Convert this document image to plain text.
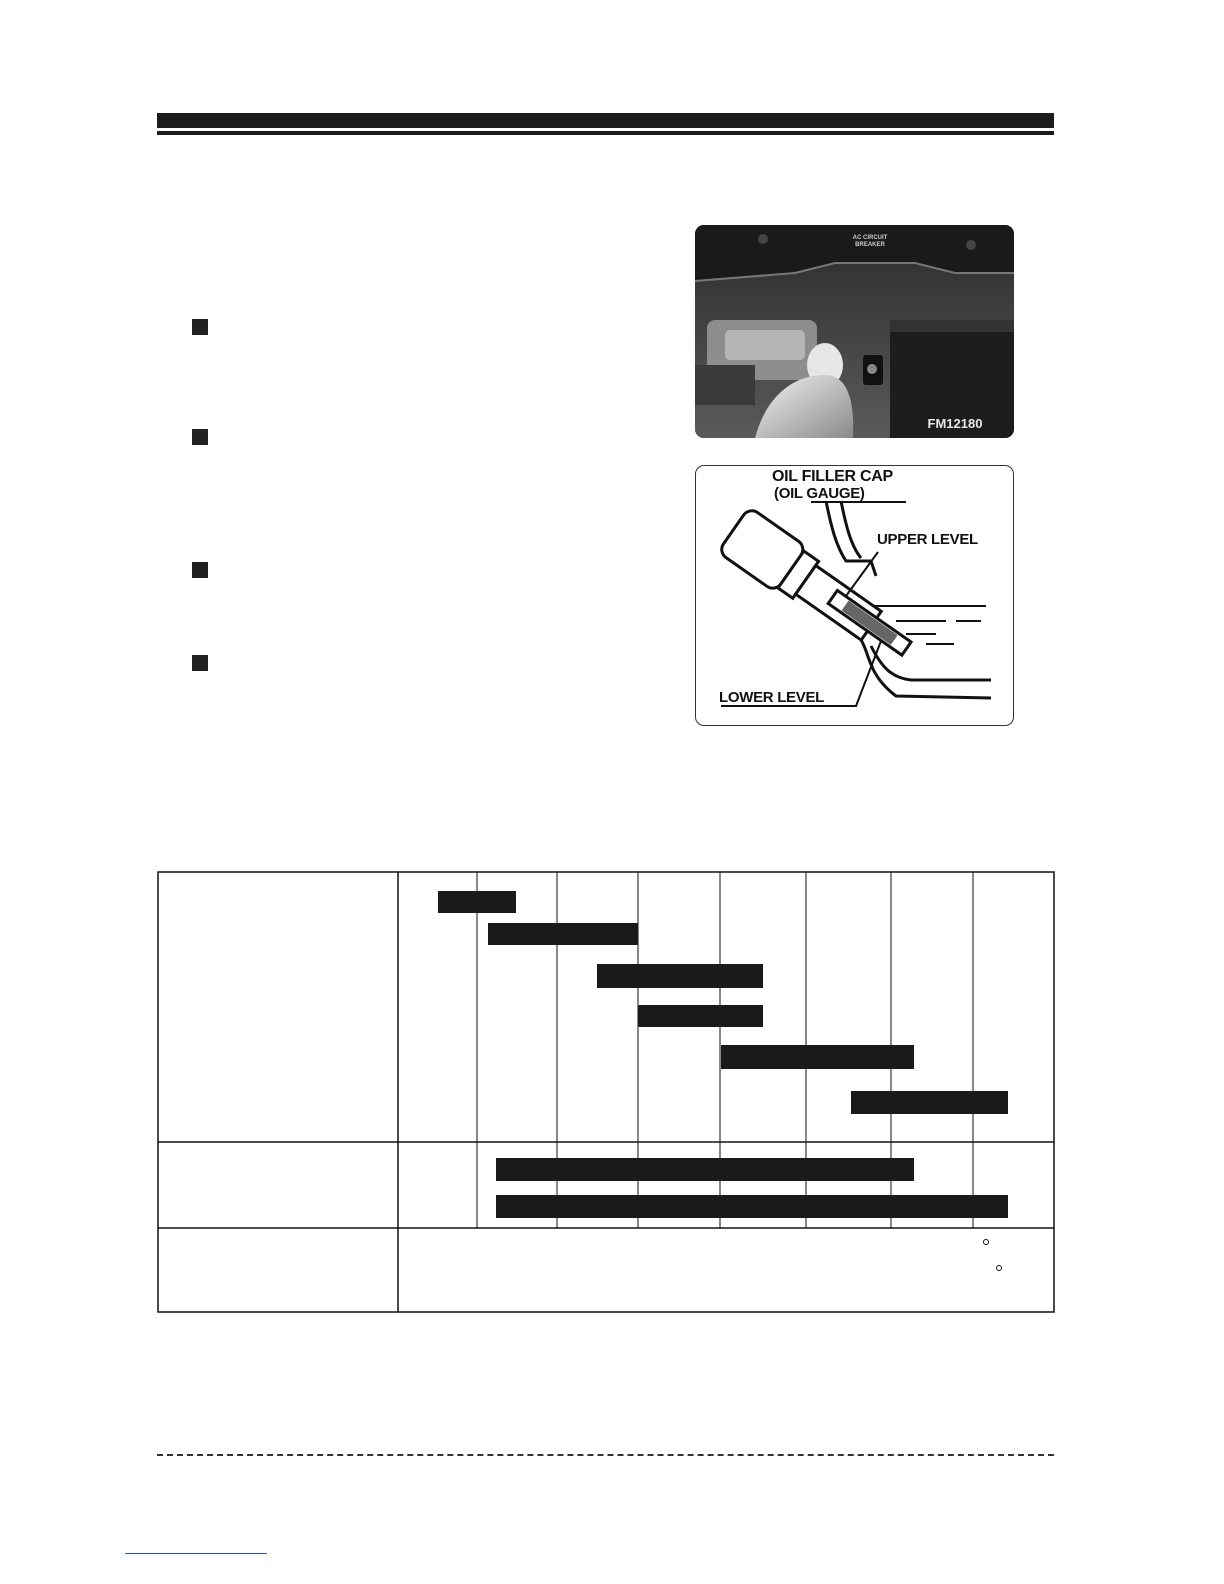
AC CIRCUIT
BREAKER
FM12180
OIL FILLER CAP
(OIL GAUGE)
UPPER LEVEL
LOWER LEVEL
